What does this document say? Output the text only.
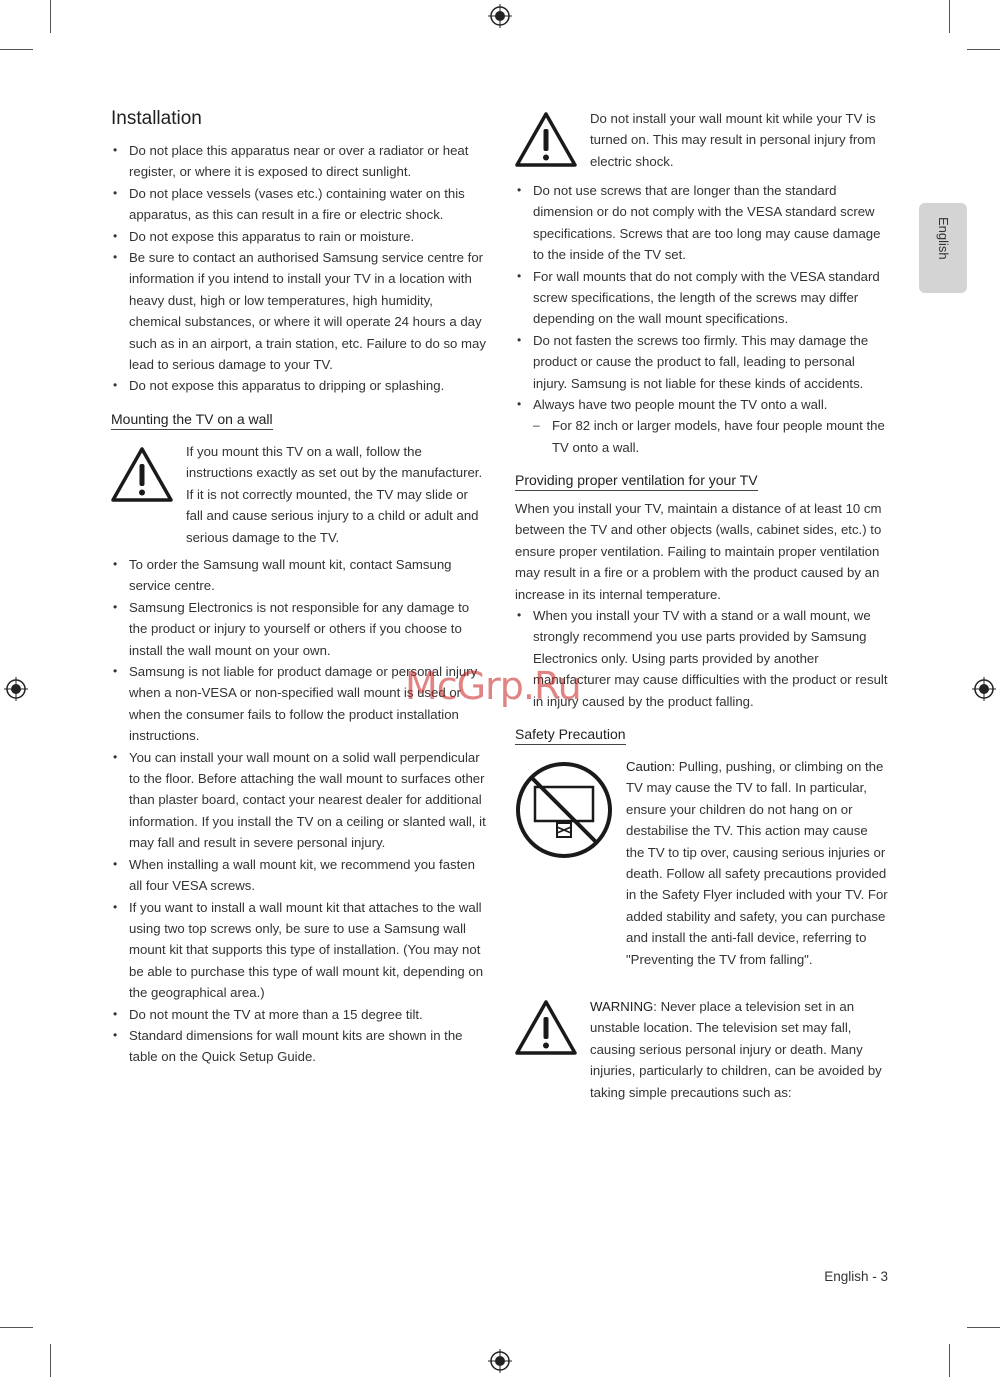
English
Installation
• Do not place this apparatus near or over a radiator or heat register, or where it is exposed to direct sunlight.
• Do not place vessels (vases etc.) containing water on this apparatus, as this can result in a fire or electric shock.
• Do not expose this apparatus to rain or moisture.
• Be sure to contact an authorised Samsung service centre for information if you intend to install your TV in a location with heavy dust, high or low temperatures, high humidity, chemical substances, or where it will operate 24 hours a day such as in an airport, a train station, etc. Failure to do so may lead to serious damage to your TV.
• Do not expose this apparatus to dripping or splashing.
Mounting the TV on a wall

If you mount this TV on a wall, follow the instructions exactly as set out by the manufacturer. If it is not correctly mounted, the TV may slide or fall and cause serious injury to a child or adult and serious damage to the TV.

• To order the Samsung wall mount kit, contact Samsung service centre.
• Samsung Electronics is not responsible for any damage to the product or injury to yourself or others if you choose to install the wall mount on your own.
• Samsung is not liable for product damage or personal injury when a non-VESA or non-specified wall mount is used or when the consumer fails to follow the product installation instructions.
• You can install your wall mount on a solid wall perpendicular to the floor. Before attaching the wall mount to surfaces other than plaster board, contact your nearest dealer for additional information. If you install the TV on a ceiling or slanted wall, it may fall and result in severe personal injury.
• When installing a wall mount kit, we recommend you fasten all four VESA screws.
• If you want to install a wall mount kit that attaches to the wall using two top screws only, be sure to use a Samsung wall mount kit that supports this type of installation. (You may not be able to purchase this type of wall mount kit, depending on the geographical area.)
• Do not mount the TV at more than a 15 degree tilt.
• Standard dimensions for wall mount kits are shown in the table on the Quick Setup Guide.

Do not install your wall mount kit while your TV is turned on. This may result in personal injury from electric shock.

• Do not use screws that are longer than the standard dimension or do not comply with the VESA standard screw specifications. Screws that are too long may cause damage to the inside of the TV set.
• For wall mounts that do not comply with the VESA standard screw specifications, the length of the screws may differ depending on the wall mount specifications.
• Do not fasten the screws too firmly. This may damage the product or cause the product to fall, leading to personal injury. Samsung is not liable for these kinds of accidents.
• Always have two people mount the TV onto a wall.
– For 82 inch or larger models, have four people mount the TV onto a wall.
Providing proper ventilation for your TV

When you install your TV, maintain a distance of at least 10 cm between the TV and other objects (walls, cabinet sides, etc.) to ensure proper ventilation. Failing to maintain proper ventilation may result in a fire or a problem with the product caused by an increase in its internal temperature.

• When you install your TV with a stand or a wall mount, we strongly recommend you use parts provided by Samsung Electronics only. Using parts provided by another manufacturer may cause difficulties with the product or result in injury caused by the product falling.
Safety Precaution

Caution: Pulling, pushing, or climbing on the TV may cause the TV to fall. In particular, ensure your children do not hang on or destabilise the TV. This action may cause the TV to tip over, causing serious injuries or death. Follow all safety precautions provided in the Safety Flyer included with your TV. For added stability and safety, you can purchase and install the anti-fall device, referring to "Preventing the TV from falling".

WARNING: Never place a television set in an unstable location. The television set may fall, causing serious personal injury or death. Many injuries, particularly to children, can be avoided by taking simple precautions such as:

McGrp.Ru
English - 3
